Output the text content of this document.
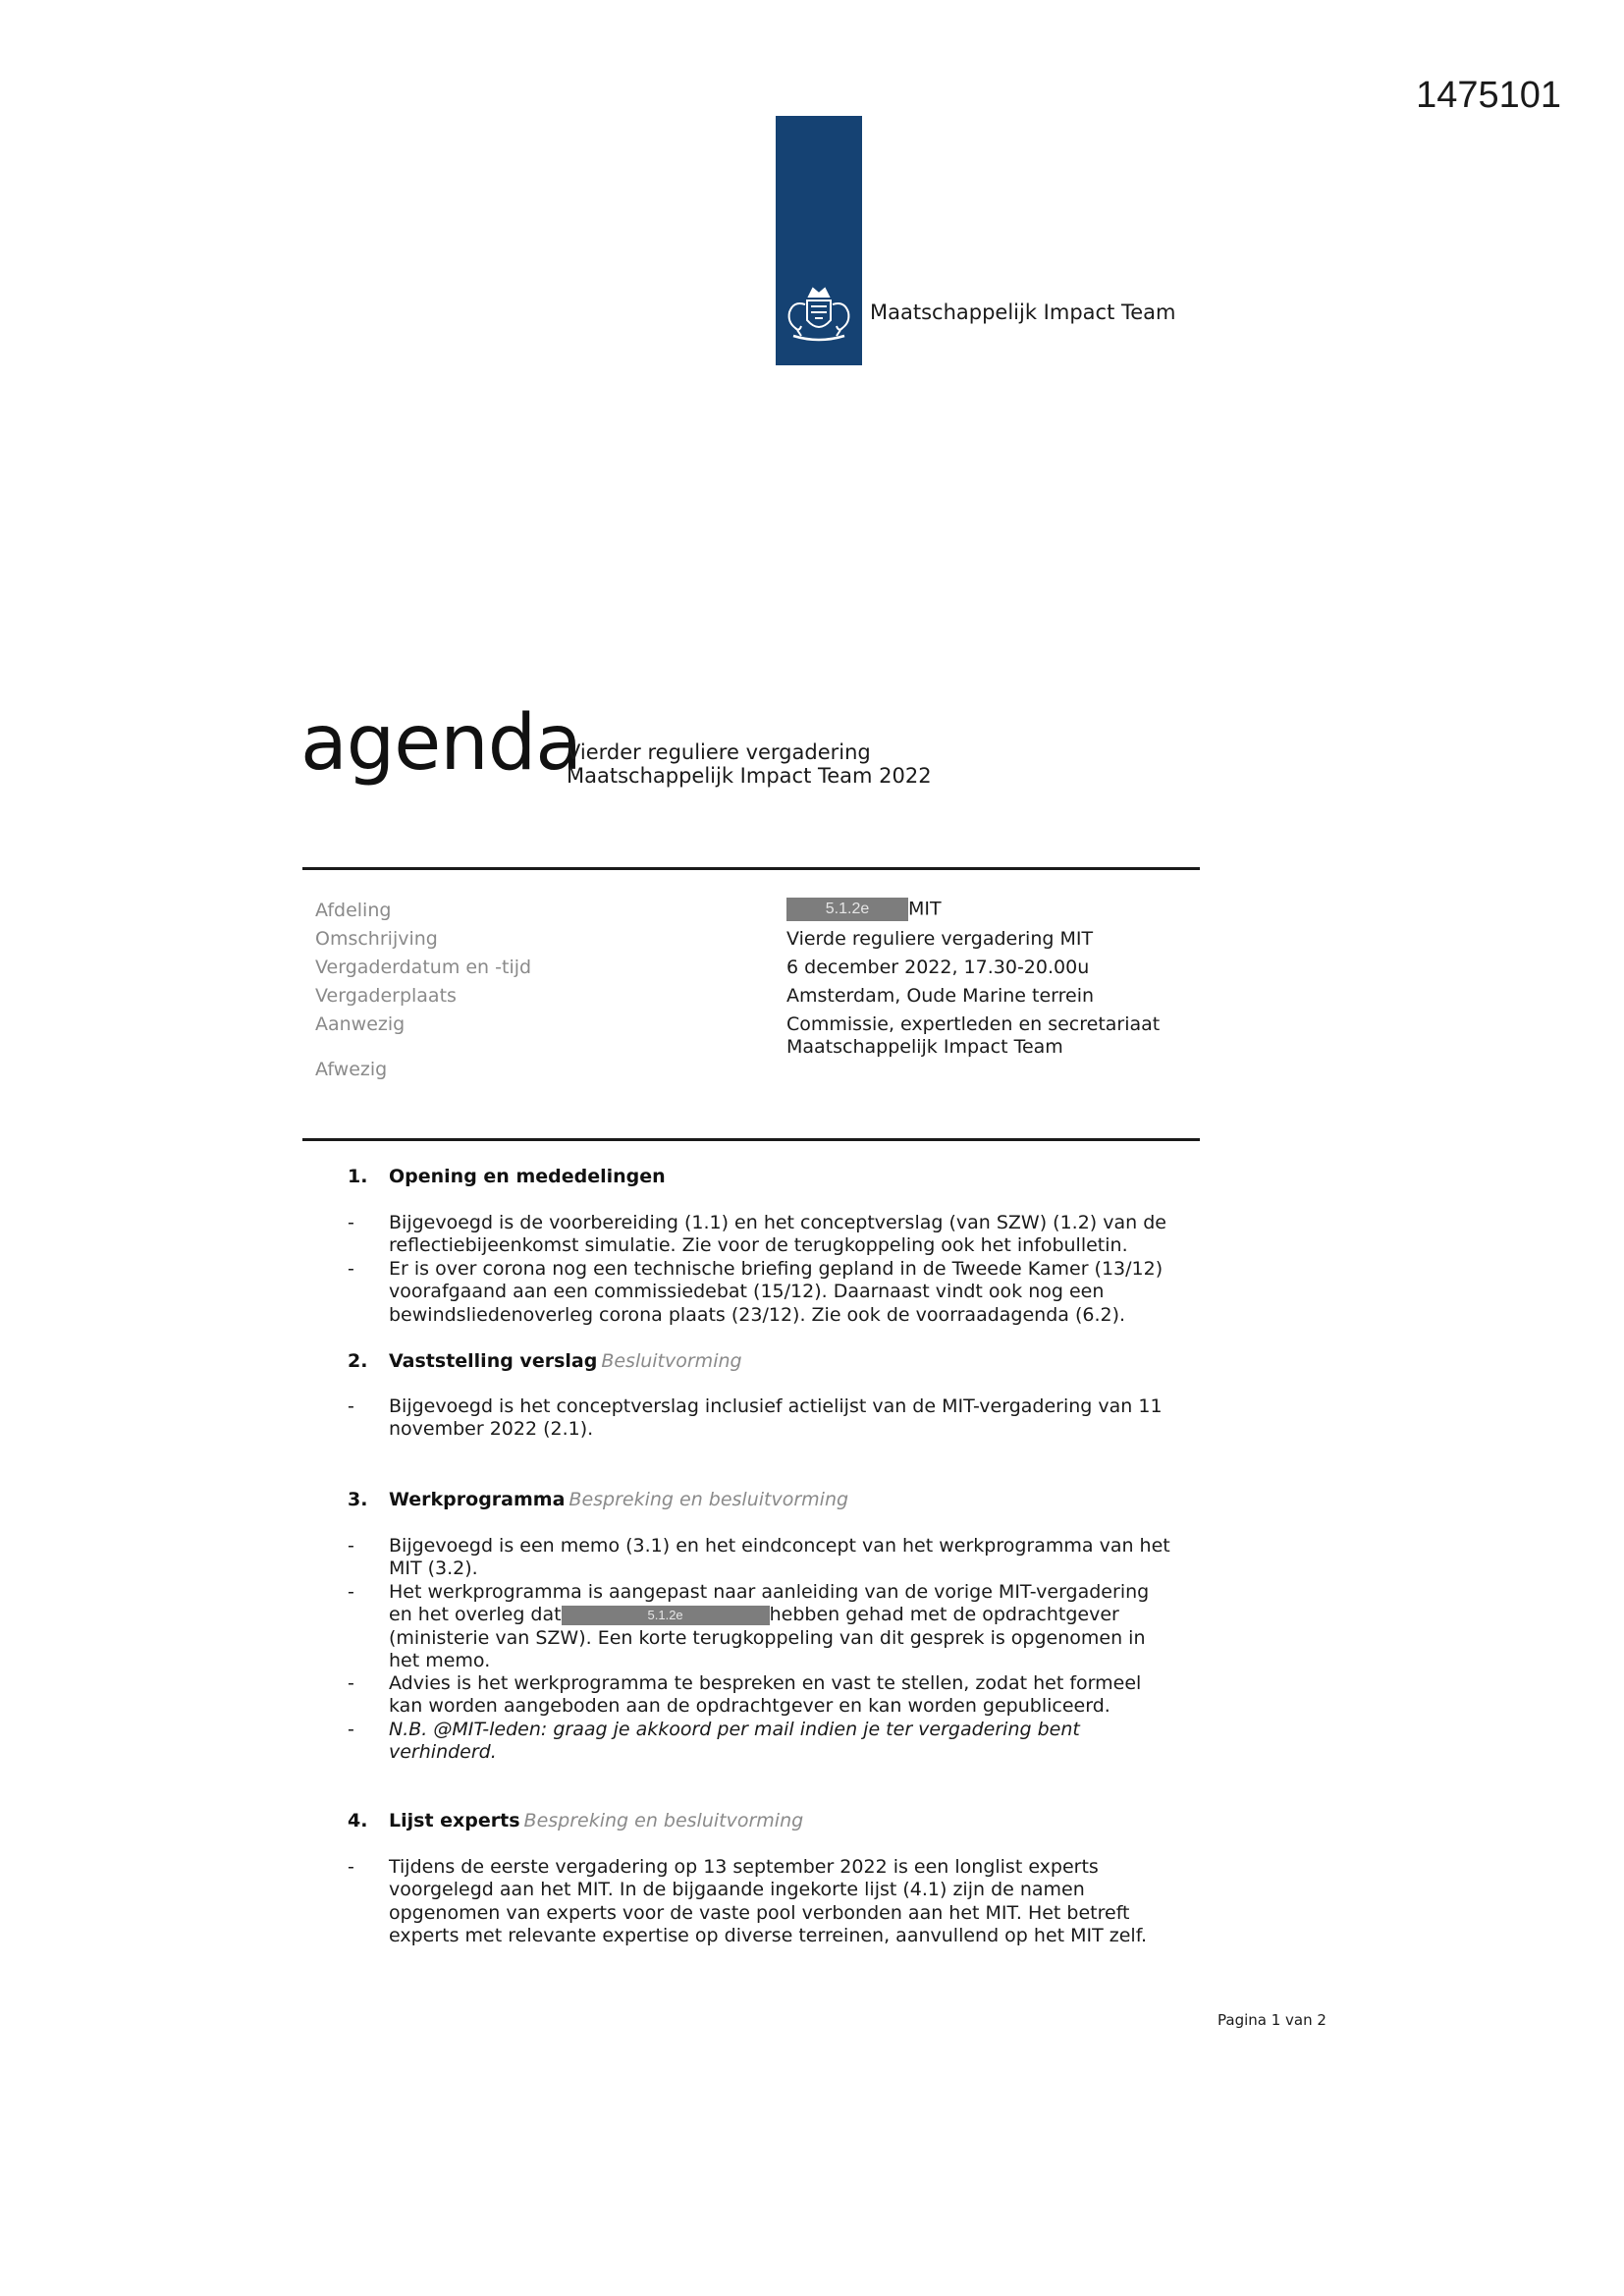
1475101
Maatschappelijk Impact Team
agenda
Vierder reguliere vergadering
Maatschappelijk Impact Team 2022
Afdeling
Omschrijving
Vergaderdatum en -tijd
Vergaderplaats
Aanwezig
Afwezig
5.1.2e MIT
Vierde reguliere vergadering MIT
6 december 2022, 17.30-20.00u
Amsterdam, Oude Marine terrein
Commissie, expertleden en secretariaat
Maatschappelijk Impact Team
1. Opening en mededelingen
- Bijgevoegd is de voorbereiding (1.1) en het conceptverslag (van SZW) (1.2) van de
reflectiebijeenkomst simulatie. Zie voor de terugkoppeling ook het infobulletin.
- Er is over corona nog een technische briefing gepland in de Tweede Kamer (13/12)
voorafgaand aan een commissiedebat (15/12). Daarnaast vindt ook nog een
bewindsliedenoverleg corona plaats (23/12). Zie ook de voorraadagenda (6.2).
2. Vaststelling verslag Besluitvorming
- Bijgevoegd is het conceptverslag inclusief actielijst van de MIT-vergadering van 11
november 2022 (2.1).
3. Werkprogramma Bespreking en besluitvorming
- Bijgevoegd is een memo (3.1) en het eindconcept van het werkprogramma van het
MIT (3.2).
- Het werkprogramma is aangepast naar aanleiding van de vorige MIT-vergadering
en het overleg dat	5.1.2e	hebben gehad met de opdrachtgever
(ministerie van SZW). Een korte terugkoppeling van dit gesprek is opgenomen in
het memo.
- Advies is het werkprogramma te bespreken en vast te stellen, zodat het formeel
kan worden aangeboden aan de opdrachtgever en kan worden gepubliceerd.
- N.B. @MIT-leden: graag je akkoord per mail indien je ter vergadering bent
verhinderd.
4. Lijst experts Bespreking en besluitvorming
- Tijdens de eerste vergadering op 13 september 2022 is een longlist experts
voorgelegd aan het MIT. In de bijgaande ingekorte lijst (4.1) zijn de namen
opgenomen van experts voor de vaste pool verbonden aan het MIT. Het betreft
experts met relevante expertise op diverse terreinen, aanvullend op het MIT zelf.
Pagina 1 van 2
